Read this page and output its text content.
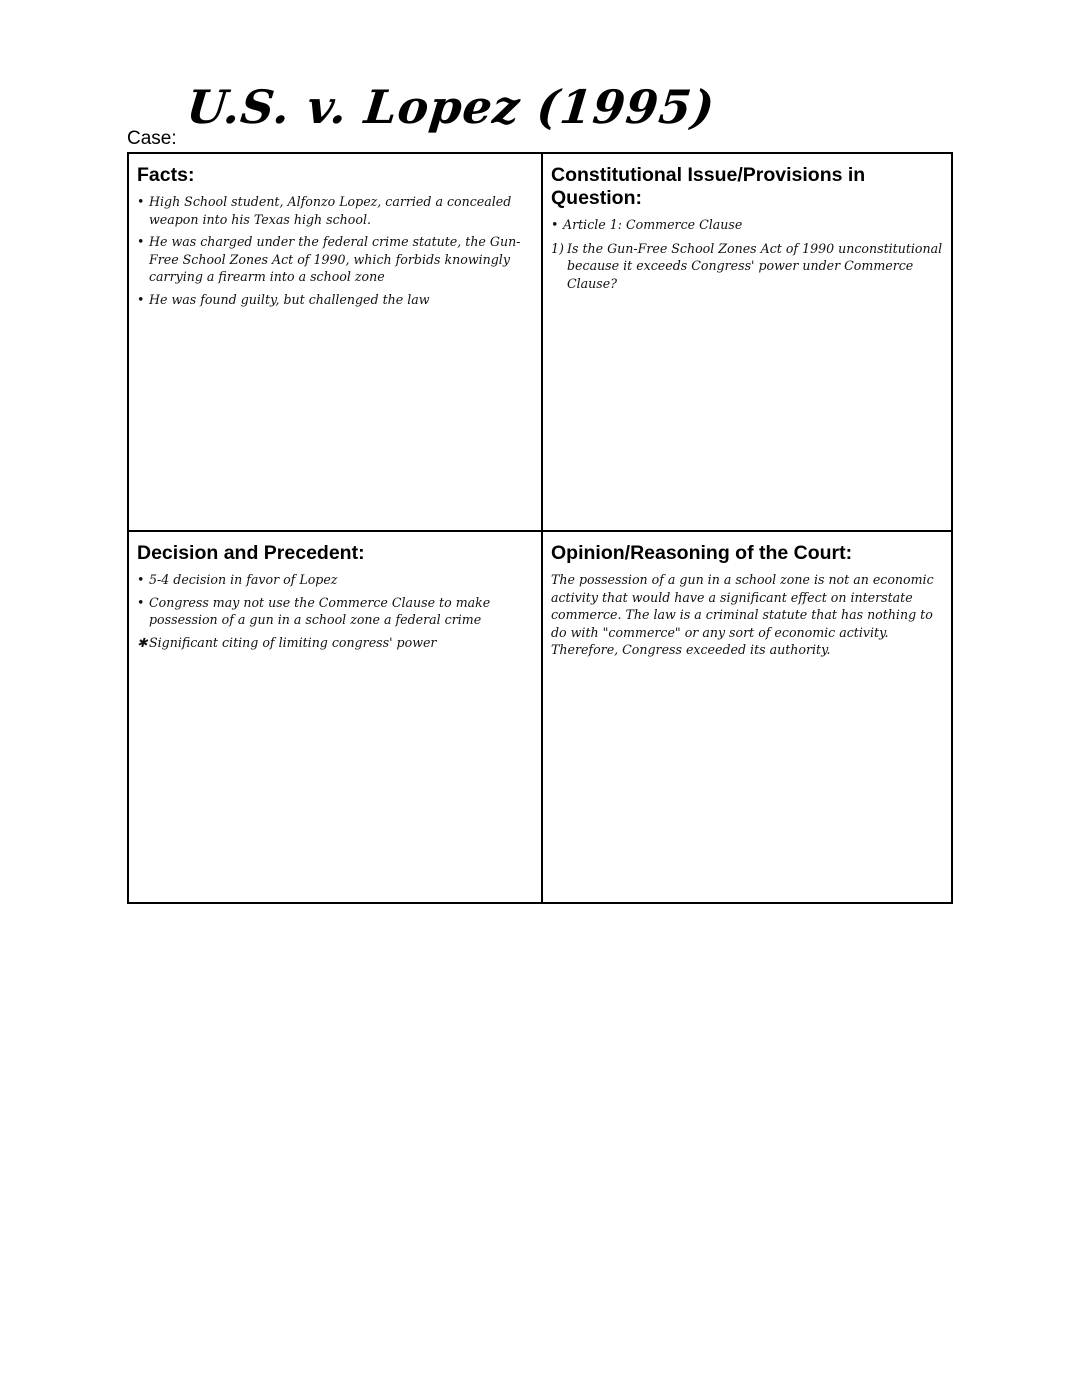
Case:
U.S. v. Lopez (1995)
Facts:
• High School student, Alfonzo Lopez, carried a concealed weapon into his Texas high school.
• He was charged under the federal crime statute, the Gun-Free School Zones Act of 1990, which forbids knowingly carrying a firearm into a school zone
• He was found guilty, but challenged the law
Constitutional Issue/Provisions in Question:
• Article 1: Commerce Clause
1) Is the Gun-Free School Zones Act of 1990 unconstitutional because it exceeds Congress' power under Commerce Clause?
Decision and Precedent:
• 5-4 decision in favor of Lopez
• Congress may not use the Commerce Clause to make possession of a gun in a school zone a federal crime
✱ Significant citing of limiting congress' power
Opinion/Reasoning of the Court:

The possession of a gun in a school zone is not an economic activity that would have a significant effect on interstate commerce. The law is a criminal statute that has nothing to do with "commerce" or any sort of economic activity. Therefore, Congress exceeded its authority.
